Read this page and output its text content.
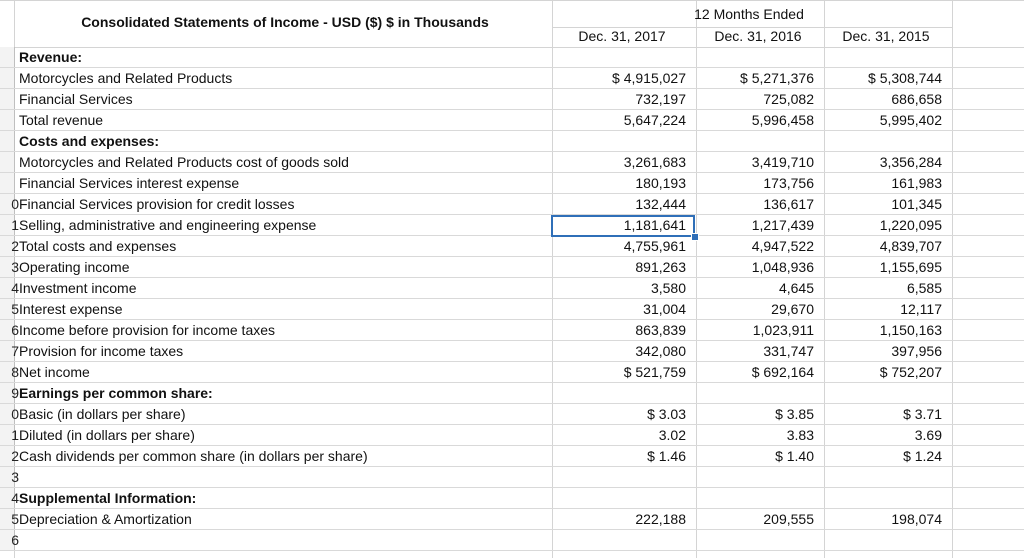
Consolidated Statements of Income - USD ($) $ in Thousands	12 Months Ended
Dec. 31, 2017	Dec. 31, 2016	Dec. 31, 2015
Revenue:
Motorcycles and Related Products	$ 4,915,027	$ 5,271,376	$ 5,308,744
Financial Services	732,197	725,082	686,658
Total revenue	5,647,224	5,996,458	5,995,402
Costs and expenses:
Motorcycles and Related Products cost of goods sold	3,261,683	3,419,710	3,356,284
Financial Services interest expense	180,193	173,756	161,983
0 Financial Services provision for credit losses	132,444	136,617	101,345
1 Selling, administrative and engineering expense	1,181,641	1,217,439	1,220,095
2 Total costs and expenses	4,755,961	4,947,522	4,839,707
3 Operating income	891,263	1,048,936	1,155,695
4 Investment income	3,580	4,645	6,585
5 Interest expense	31,004	29,670	12,117
6 Income before provision for income taxes	863,839	1,023,911	1,150,163
7 Provision for income taxes	342,080	331,747	397,956
8 Net income	$ 521,759	$ 692,164	$ 752,207
9 Earnings per common share:
0 Basic (in dollars per share)	$ 3.03	$ 3.85	$ 3.71
1 Diluted (in dollars per share)	3.02	3.83	3.69
2 Cash dividends per common share (in dollars per share)	$ 1.46	$ 1.40	$ 1.24
3
4 Supplemental Information:
5 Depreciation & Amortization	222,188	209,555	198,074
6
